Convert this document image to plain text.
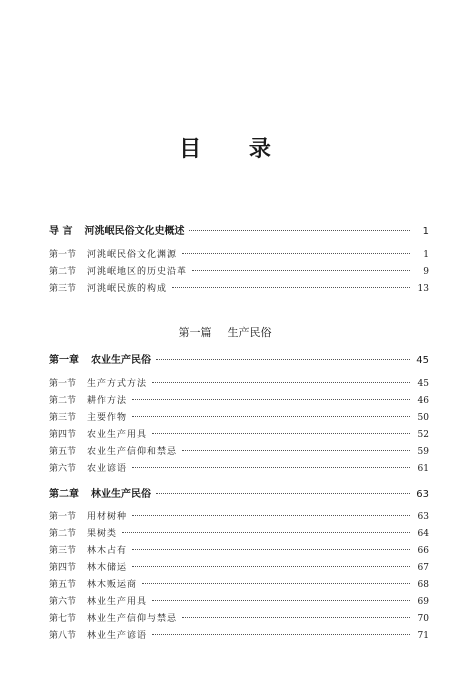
目 录
导 言 河洮岷民俗文化史概述	1
第一节	河洮岷民俗文化渊源	1
第二节	河洮岷地区的历史沿革	9
第三节	河洮岷民族的构成	13
第一章 农业生产民俗	45
第一节	生产方式方法	45
第二节	耕作方法	46
第三节	主要作物	50
第四节	农业生产用具	52
第五节	农业生产信仰和禁忌	59
第六节	农业谚语	61
第二章 林业生产民俗	63
第一节	用材树种	63
第二节	果树类	64
第三节	林木占有	66
第四节	林木储运	67
第五节	林木贩运商	68
第六节	林业生产用具	69
第七节	林业生产信仰与禁忌	70
第八节	林业生产谚语	71
第一篇 生产民俗
